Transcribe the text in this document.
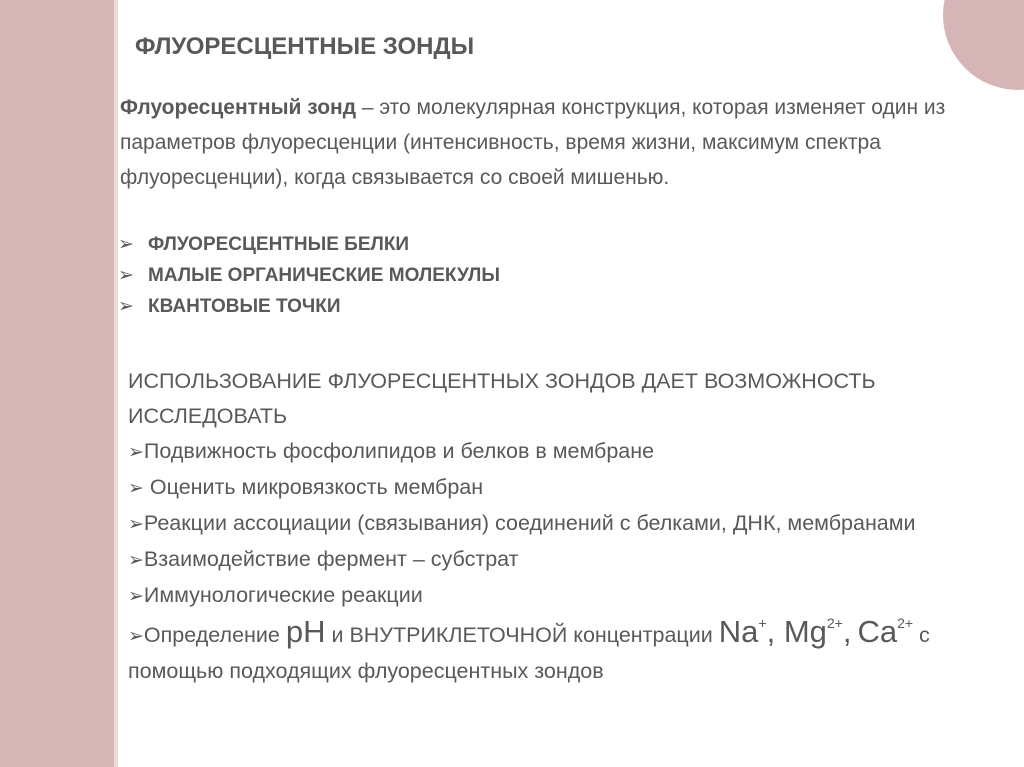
ФЛУОРЕСЦЕНТНЫЕ ЗОНДЫ
Флуоресцентный зонд – это молекулярная конструкция, которая изменяет один из параметров флуоресценции (интенсивность, время жизни, максимум спектра флуоресценции), когда связывается со своей мишенью.
➢ ФЛУОРЕСЦЕНТНЫЕ БЕЛКИ
➢ МАЛЫЕ ОРГАНИЧЕСКИЕ МОЛЕКУЛЫ
➢ КВАНТОВЫЕ ТОЧКИ

ИСПОЛЬЗОВАНИЕ ФЛУОРЕСЦЕНТНЫХ ЗОНДОВ ДАЕТ ВОЗМОЖНОСТЬ ИССЛЕДОВАТЬ

➢Подвижность фосфолипидов и белков в мембране

➢ Оценить микровязкость мембран

➢Реакции ассоциации (связывания) соединений с белками, ДНК, мембранами

➢Взаимодействие фермент – субстрат

➢Иммунологические реакции

➢Определение рН и ВНУТРИКЛЕТОЧНОЙ концентрации Na+, $Mg^{2+}$, $Ca^{2+}$ с помощью подходящих флуоресцентных зондов
